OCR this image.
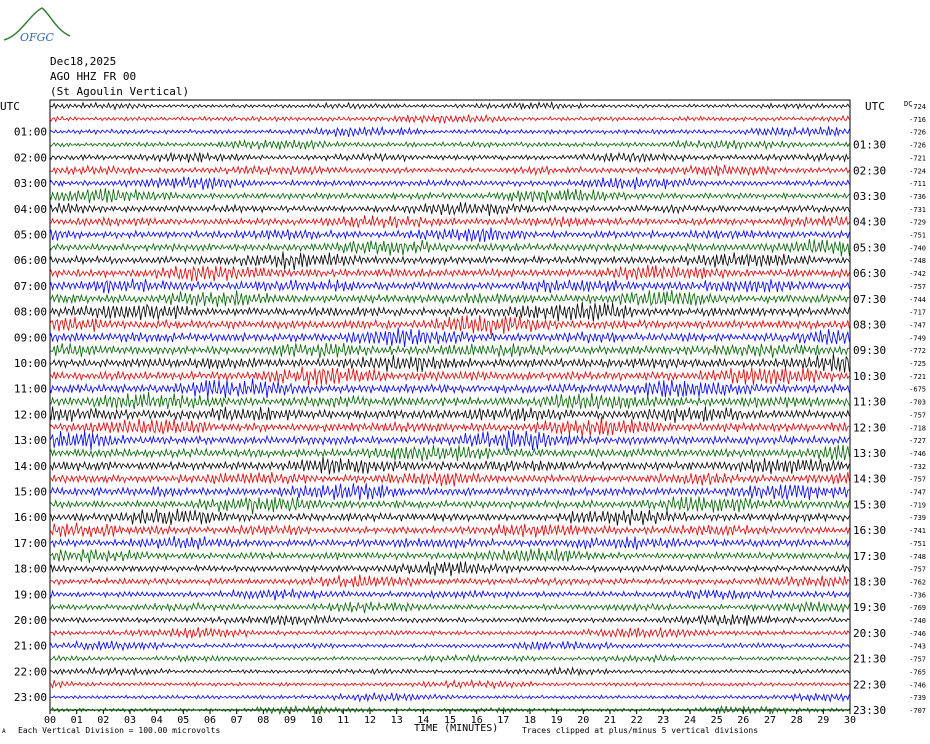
OFGC
Dec18,2025
AGO HHZ FR 00
(St Agoulin Vertical)
UTC	UTC
01:00
02:00
03:00
04:00
05:00
06:00
07:00
08:00
09:00
10:00
11:00
12:00
13:00
14:00
15:00
16:00
17:00
18:00
19:00
20:00
21:00
22:00
23:00
01:30
02:30
03:30
04:30
05:30
06:30
07:30
08:30
09:30
10:30
11:30
12:30
13:30
14:30
15:30
16:30
17:30
18:30
19:30
20:30
21:30
22:30
23:30
DC
-724
-716
-726
-726
-721
-724
-711
-736
-731
-729
-751
-740
-748
-742
-757
-744
-717
-747
-749
-772
-725
-721
-675
-703
-757
-718
-727
-746
-732
-757
-747
-719
-739
-741
-751
-748
-757
-762
-736
-769
-740
-746
-743
-757
-765
-746
-739
-707
00 01 02 03 04 05 06 07 08 09 10 11 12 13 14 15 16 17 18 19 20 21 22 23 24 25 26 27 28 29 30
A Each Vertical Division = 100.00 microvolts	TIME (MINUTES)	Traces clipped at plus/minus 5 vertical divisions
